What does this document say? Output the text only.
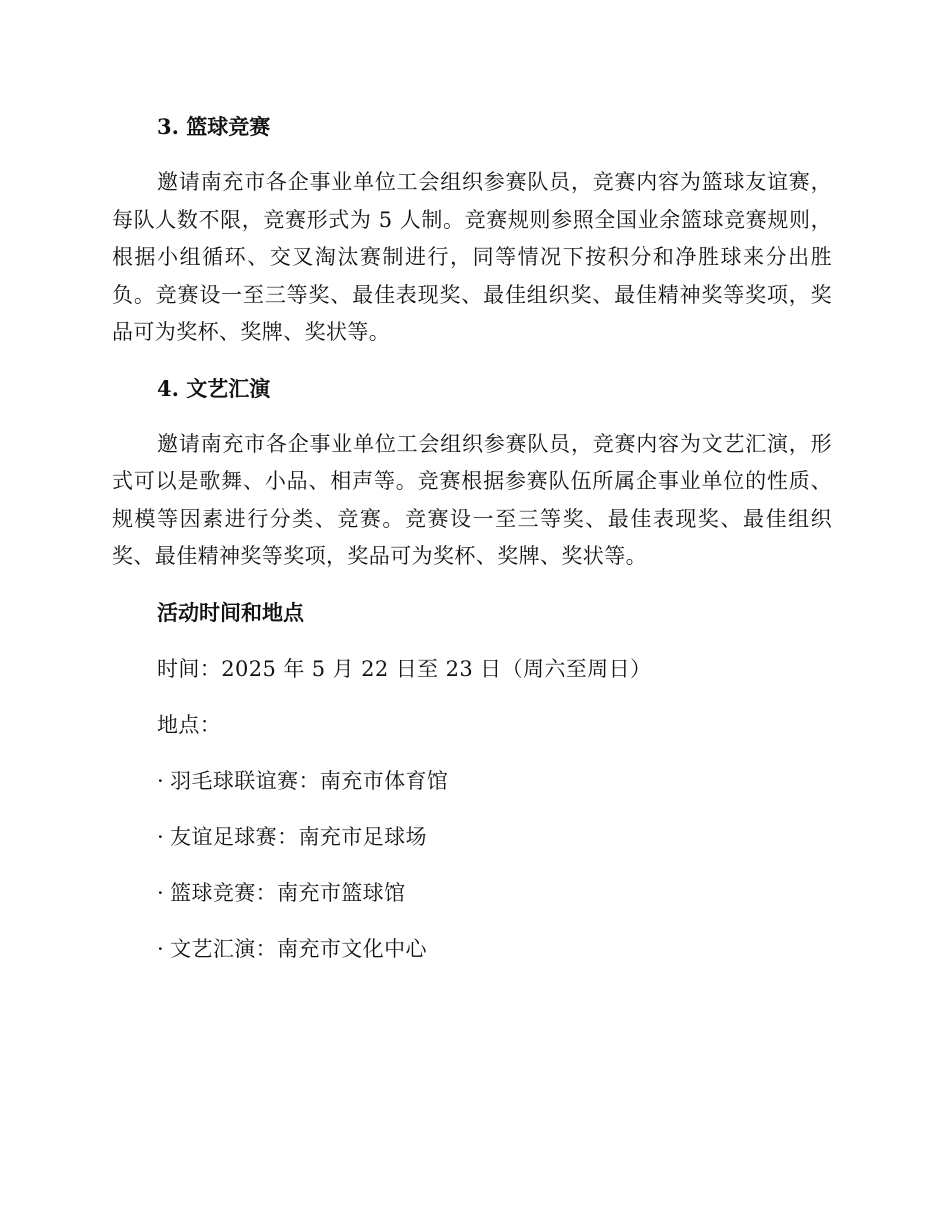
3. 篮球竞赛

邀请南充市各企事业单位工会组织参赛队员，竞赛内容为篮球友谊赛，每队人数不限，竞赛形式为 5 人制。竞赛规则参照全国业余篮球竞赛规则，根据小组循环、交叉淘汰赛制进行，同等情况下按积分和净胜球来分出胜负。竞赛设一至三等奖、最佳表现奖、最佳组织奖、最佳精神奖等奖项，奖品可为奖杯、奖牌、奖状等。

4. 文艺汇演

邀请南充市各企事业单位工会组织参赛队员，竞赛内容为文艺汇演，形式可以是歌舞、小品、相声等。竞赛根据参赛队伍所属企事业单位的性质、规模等因素进行分类、竞赛。竞赛设一至三等奖、最佳表现奖、最佳组织奖、最佳精神奖等奖项，奖品可为奖杯、奖牌、奖状等。

活动时间和地点
时间：2025 年 5 月 22 日至 23 日（周六至周日）
地点：
· 羽毛球联谊赛：南充市体育馆
· 友谊足球赛：南充市足球场
· 篮球竞赛：南充市篮球馆
· 文艺汇演：南充市文化中心
